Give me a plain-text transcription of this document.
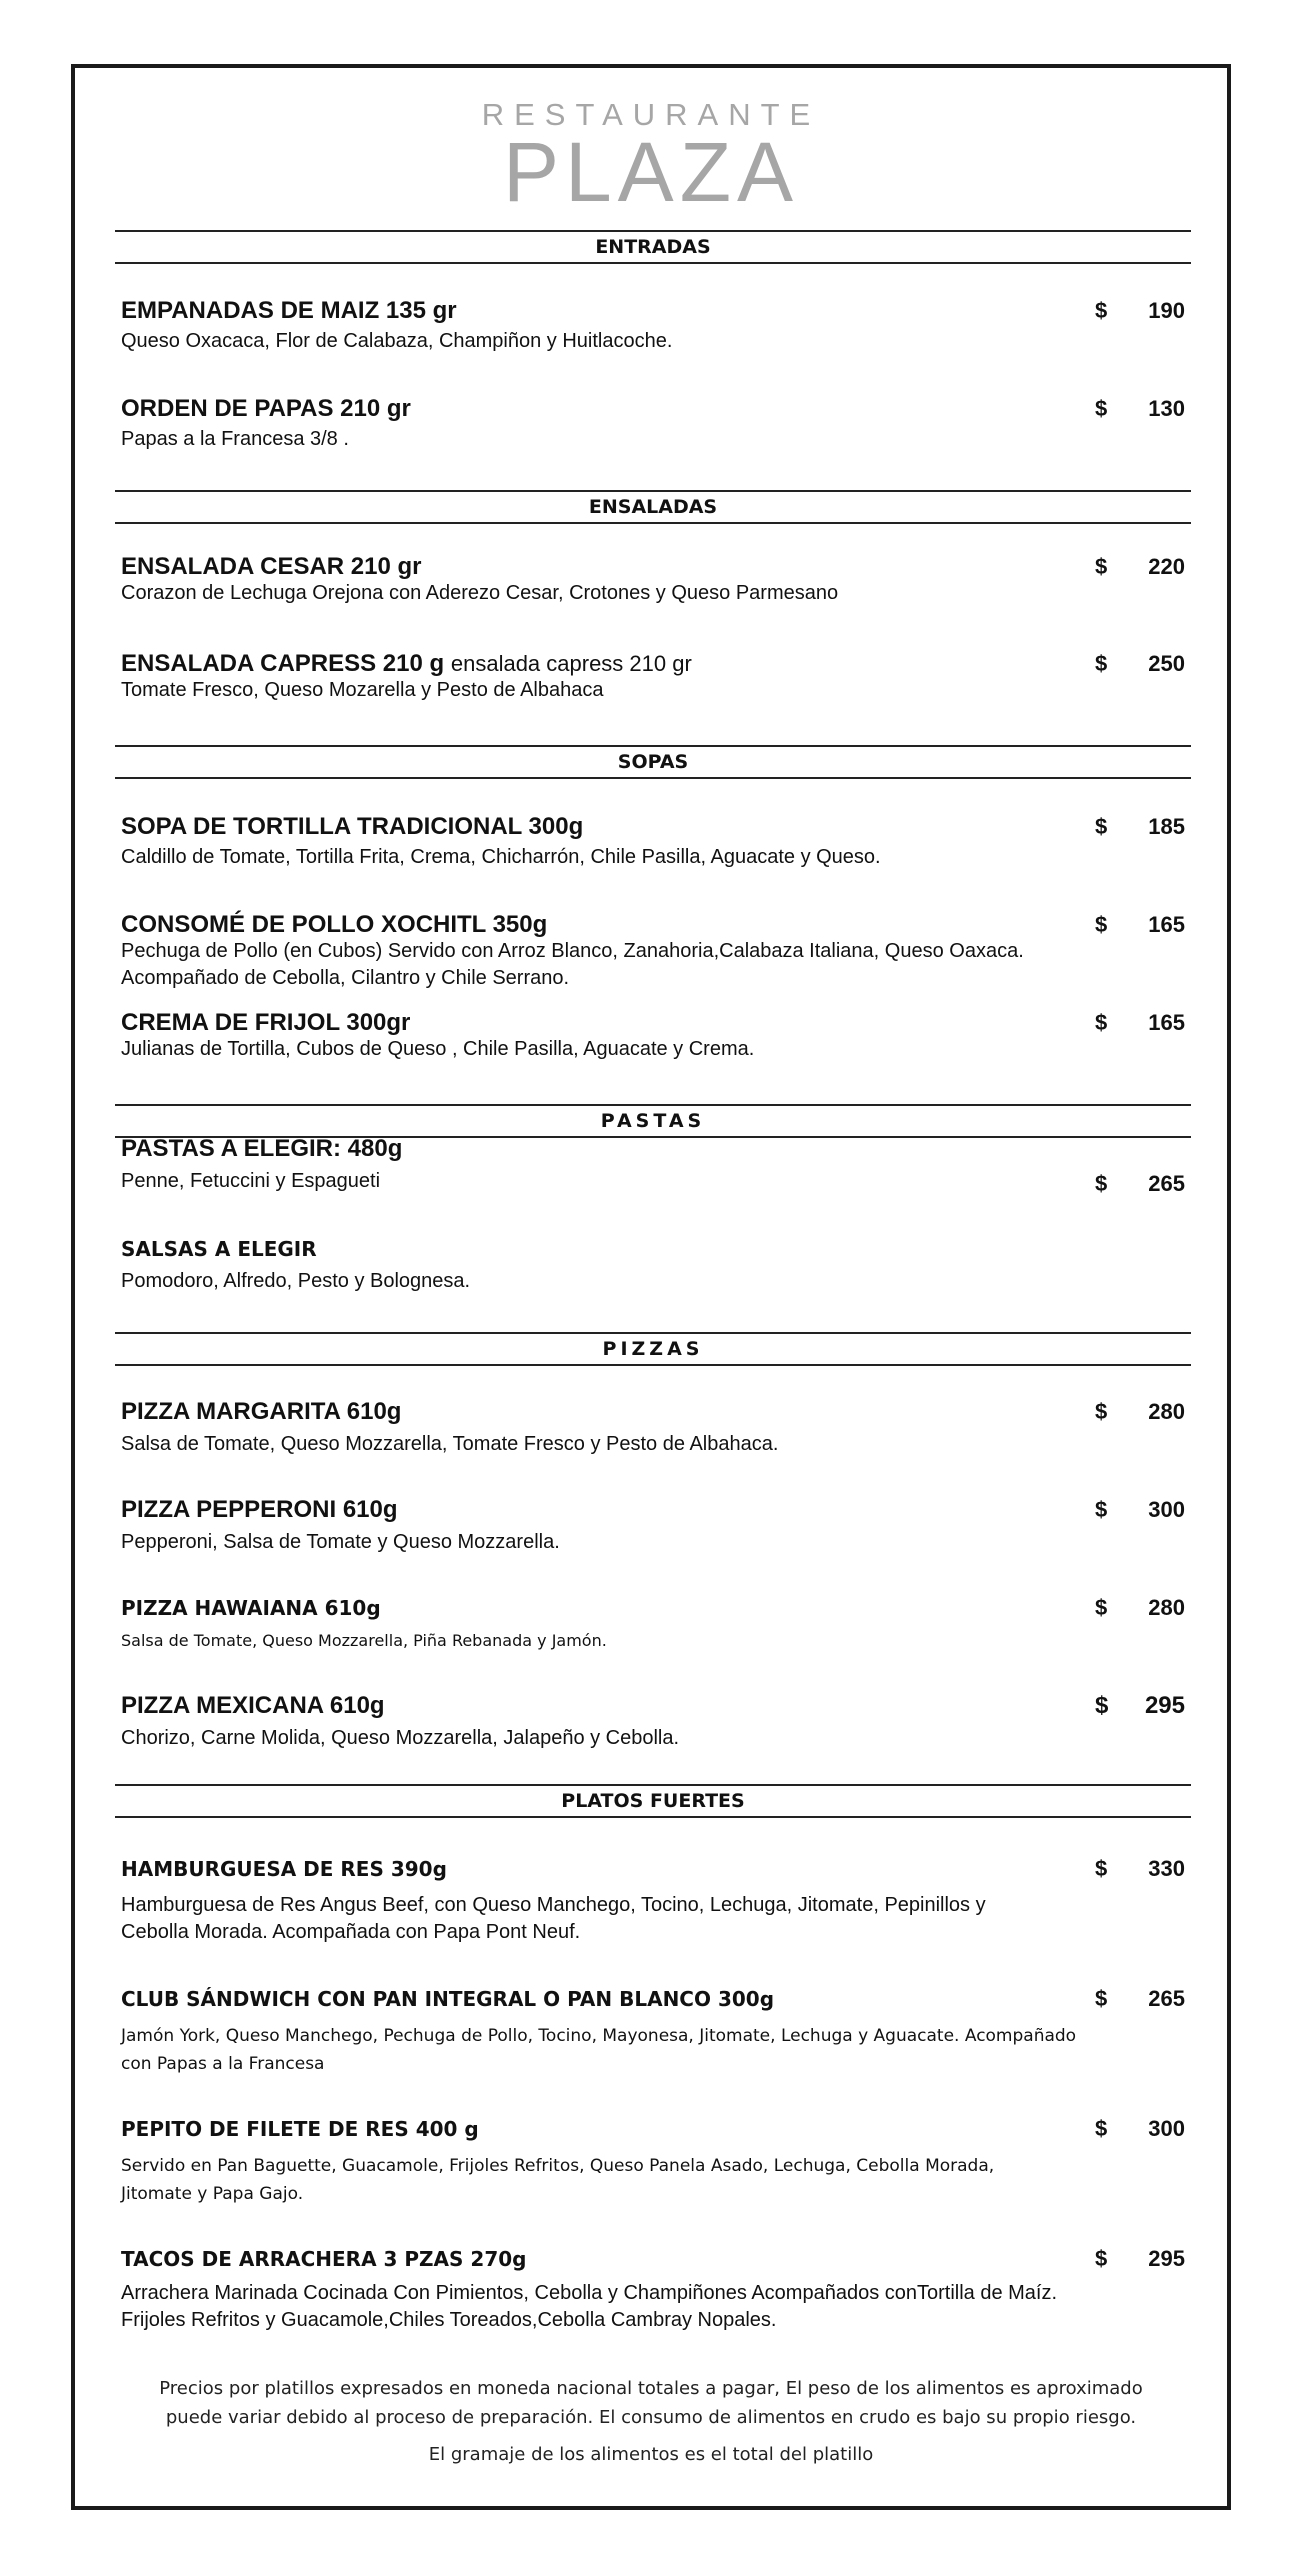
RESTAURANTE
PLAZA
ENTRADAS
EMPANADAS DE MAIZ 135 gr
Queso Oxacaca, Flor de Calabaza, Champiñon y Huitlacoche.
$ 190
ORDEN DE PAPAS 210 gr
Papas a la Francesa 3/8 .
$ 130
ENSALADAS
ENSALADA CESAR 210 gr
Corazon de Lechuga Orejona con Aderezo Cesar, Crotones y Queso Parmesano
$ 220
ENSALADA CAPRESS 210 g ensalada capress 210 gr
Tomate Fresco, Queso Mozarella y Pesto de Albahaca
$ 250
SOPAS
SOPA DE TORTILLA TRADICIONAL 300g
Caldillo de Tomate, Tortilla Frita, Crema, Chicharrón, Chile Pasilla, Aguacate y Queso.
$ 185
CONSOMÉ DE POLLO XOCHITL 350g
Pechuga de Pollo (en Cubos) Servido con Arroz Blanco, Zanahoria,Calabaza Italiana, Queso Oaxaca.
Acompañado de Cebolla, Cilantro y Chile Serrano.
$ 165
CREMA DE FRIJOL 300gr
Julianas de Tortilla, Cubos de Queso , Chile Pasilla, Aguacate y Crema.
$ 165
PASTAS
PASTAS A ELEGIR: 480g
Penne, Fetuccini y Espagueti	$ 265
SALSAS A ELEGIR
Pomodoro, Alfredo, Pesto y Bolognesa.
PIZZAS
PIZZA MARGARITA 610g
Salsa de Tomate, Queso Mozzarella, Tomate Fresco y Pesto de Albahaca.
$ 280
PIZZA PEPPERONI 610g
Pepperoni, Salsa de Tomate y Queso Mozzarella.
$ 300
PIZZA HAWAIANA 610g
Salsa de Tomate, Queso Mozzarella, Piña Rebanada y Jamón.
$ 280
PIZZA MEXICANA 610g
Chorizo, Carne Molida, Queso Mozzarella, Jalapeño y Cebolla.
$ 295
PLATOS FUERTES
HAMBURGUESA DE RES 390g
Hamburguesa de Res Angus Beef, con Queso Manchego, Tocino, Lechuga, Jitomate, Pepinillos y
Cebolla Morada. Acompañada con Papa Pont Neuf.
$ 330
CLUB SÁNDWICH CON PAN INTEGRAL O PAN BLANCO 300g
Jamón York, Queso Manchego, Pechuga de Pollo, Tocino, Mayonesa, Jitomate, Lechuga y Aguacate. Acompañado
con Papas a la Francesa
$ 265
PEPITO DE FILETE DE RES 400 g
Servido en Pan Baguette, Guacamole, Frijoles Refritos, Queso Panela Asado, Lechuga, Cebolla Morada,
Jitomate y Papa Gajo.
$ 300
TACOS DE ARRACHERA 3 PZAS 270g
Arrachera Marinada Cocinada Con Pimientos, Cebolla y Champiñones Acompañados conTortilla de Maíz.
Frijoles Refritos y Guacamole,Chiles Toreados,Cebolla Cambray Nopales.
$ 295
Precios por platillos expresados en moneda nacional totales a pagar, El peso de los alimentos es aproximado
puede variar debido al proceso de preparación. El consumo de alimentos en crudo es bajo su propio riesgo.
El gramaje de los alimentos es el total del platillo
